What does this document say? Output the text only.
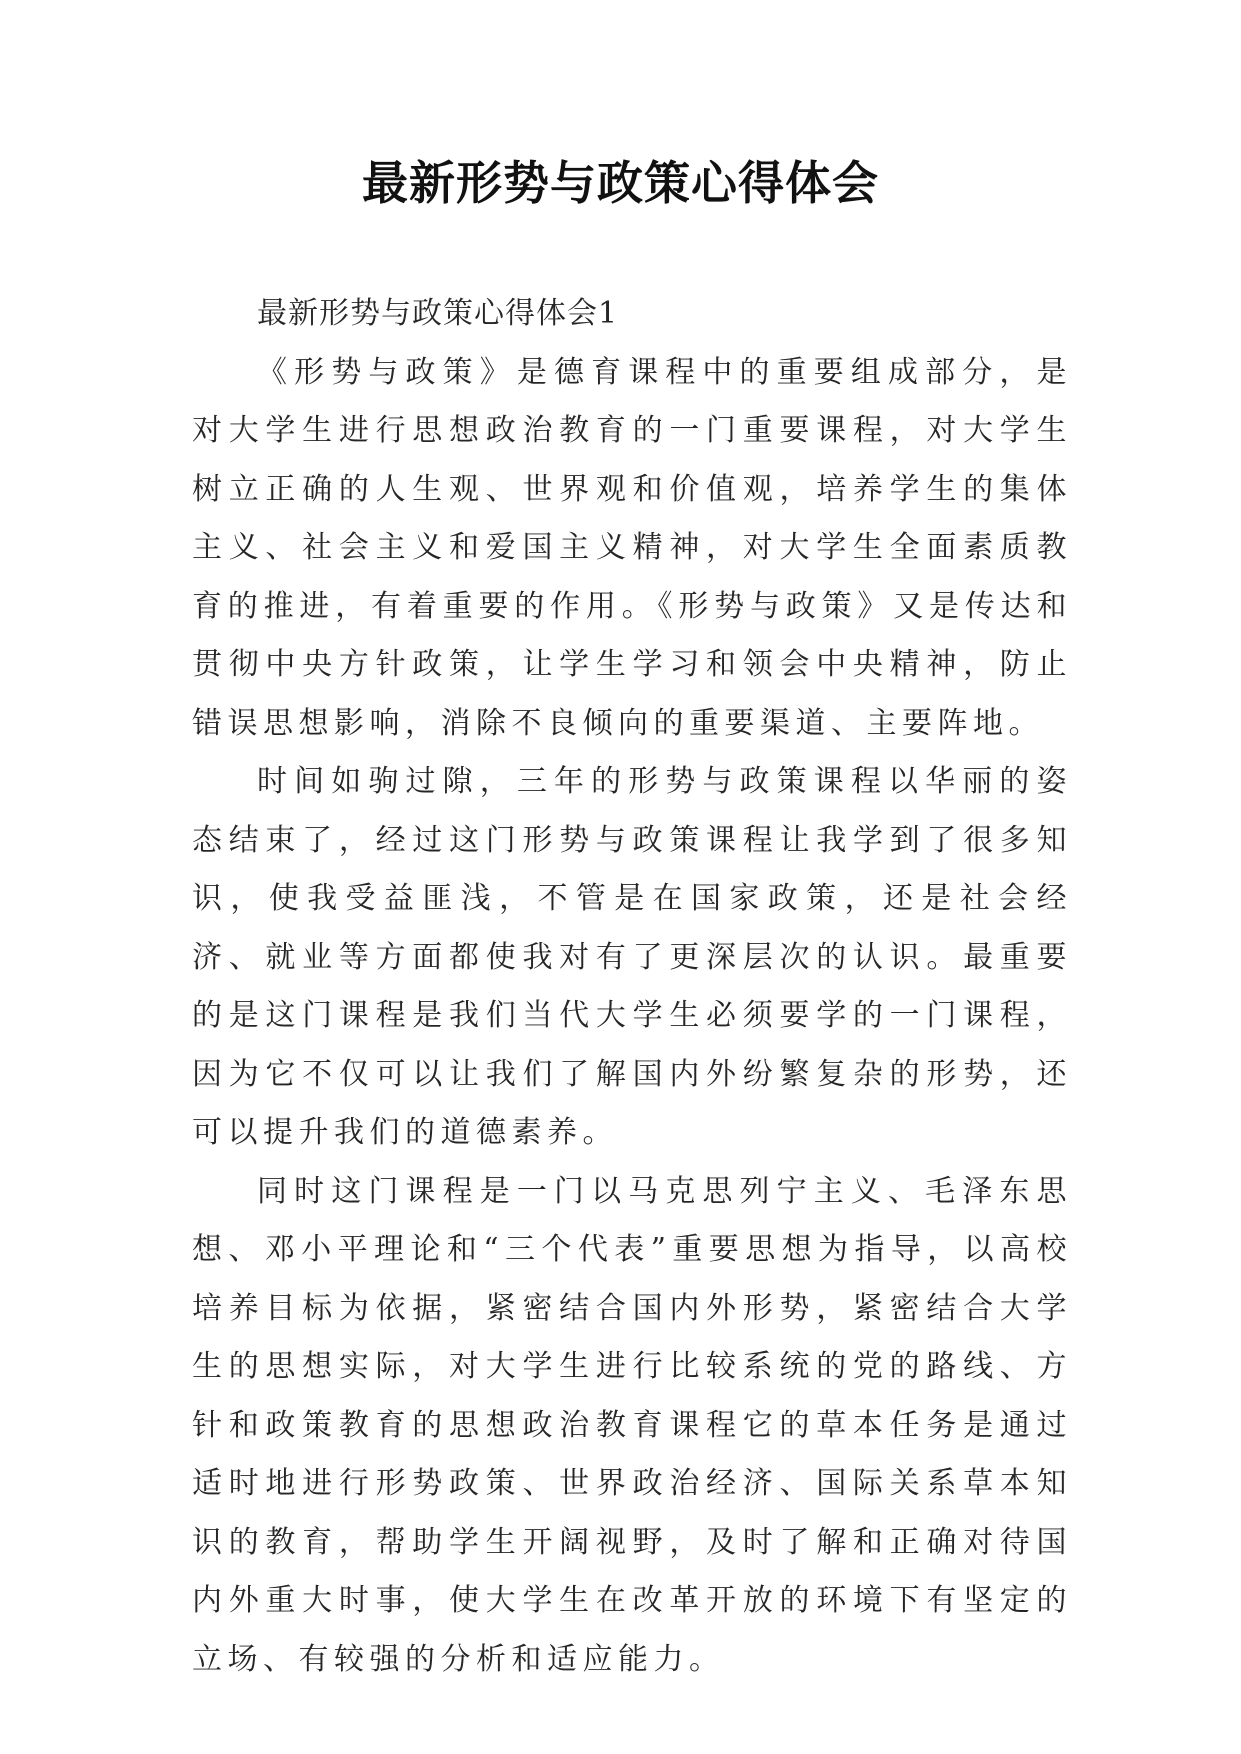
最新形势与政策心得体会

最新形势与政策心得体会1

《形势与政策》是德育课程中的重要组成部分，是对大学生进行思想政治教育的一门重要课程，对大学生树立正确的人生观、世界观和价值观，培养学生的集体主义、社会主义和爱国主义精神，对大学生全面素质教育的推进，有着重要的作用。《形势与政策》又是传达和贯彻中央方针政策，让学生学习和领会中央精神，防止错误思想影响，消除不良倾向的重要渠道、主要阵地。

时间如驹过隙，三年的形势与政策课程以华丽的姿态结束了，经过这门形势与政策课程让我学到了很多知识，使我受益匪浅，不管是在国家政策，还是社会经济、就业等方面都使我对有了更深层次的认识。最重要的是这门课程是我们当代大学生必须要学的一门课程，因为它不仅可以让我们了解国内外纷繁复杂的形势，还可以提升我们的道德素养。

同时这门课程是一门以马克思列宁主义、毛泽东思想、邓小平理论和“三个代表”重要思想为指导，以高校培养目标为依据，紧密结合国内外形势，紧密结合大学生的思想实际，对大学生进行比较系统的党的路线、方针和政策教育的思想政治教育课程它的草本任务是通过适时地进行形势政策、世界政治经济、国际关系草本知识的教育，帮助学生开阔视野，及时了解和正确对待国内外重大时事，使大学生在改革开放的环境下有坚定的立场、有较强的分析和适应能力。
